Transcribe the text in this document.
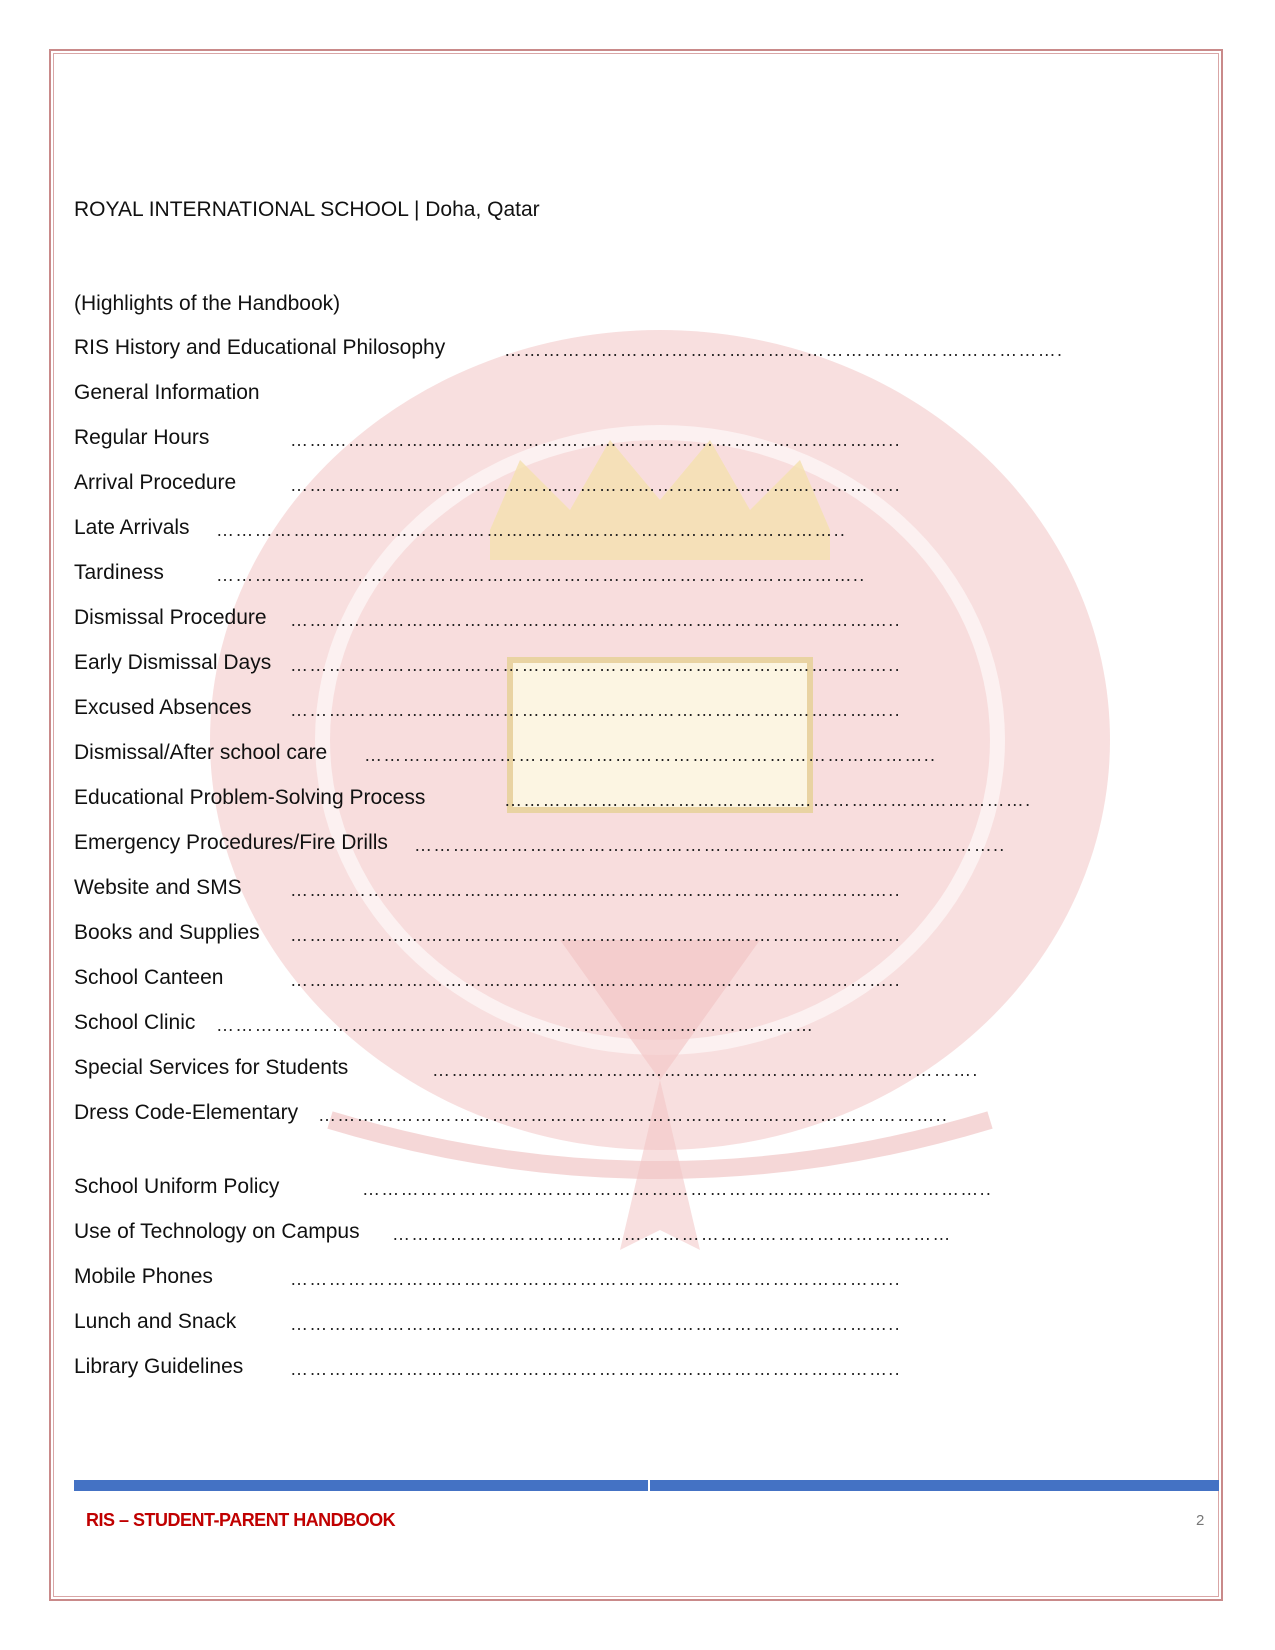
ROYAL INTERNATIONAL SCHOOL | Doha, Qatar
(Highlights of the Handbook)
RIS History and Educational Philosophy	……………………..…………………………………………………….
General Information
Regular Hours	…………………………………………………………………………………..
Arrival Procedure	…………………………………………………………………………………..
Late Arrivals ……………………………………………………………………………………..
Tardiness	………………………………………………………………………………………..
Dismissal Procedure …………………………………………………………………………………..
Early Dismissal Days …………………………………………………………………………………..
Excused Absences …………………………………………………………………………………..
Dismissal/After school care ……………………………………………………………………………..
Educational Problem-Solving Process	……………………………………………………………………….
Emergency Procedures/Fire Drills ………………………………………………………………………………..
Website and SMS	…………………………………………………………………………………..
Books and Supplies …………………………………………………………………………………..
School Canteen	…………………………………………………………………………………..
School Clinic …………………………………………………………………………………
Special Services for Students	………………………………………………………………………….
Dress Code-Elementary ……………………………………………………………………………………..
School Uniform Policy	……………………………………………………………………………………..
Use of Technology on Campus ……………………………………………………………………………
Mobile Phones	…………………………………………………………………………………..
Lunch and Snack	…………………………………………………………………………………..
Library Guidelines	…………………………………………………………………………………..
RIS – STUDENT-PARENT HANDBOOK	2
